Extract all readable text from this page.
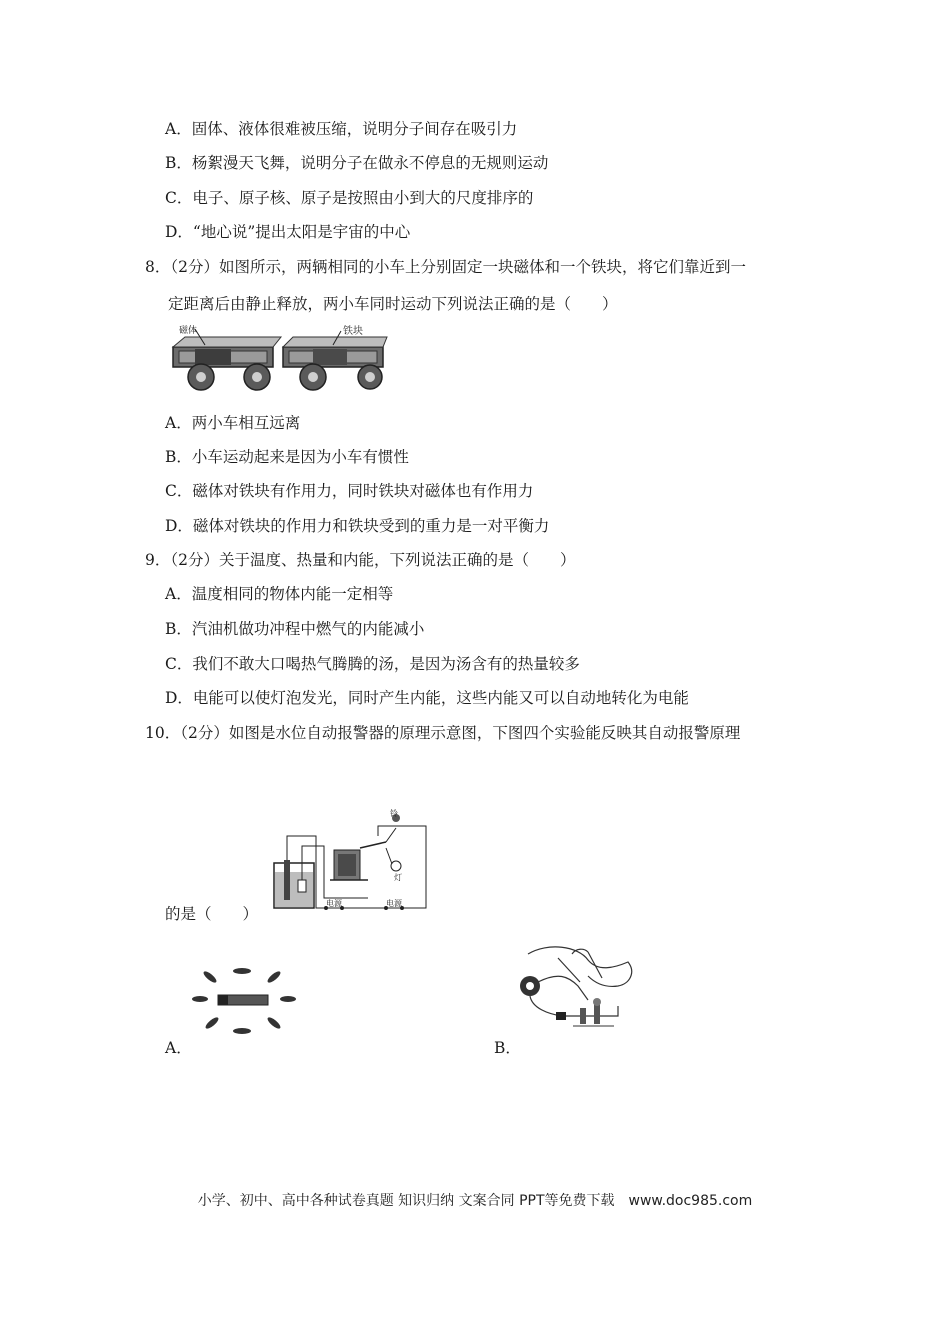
A．固体、液体很难被压缩，说明分子间存在吸引力
B．杨絮漫天飞舞，说明分子在做永不停息的无规则运动
C．电子、原子核、原子是按照由小到大的尺度排序的
D．“地心说”提出太阳是宇宙的中心
8．（2分）如图所示，两辆相同的小车上分别固定一块磁体和一个铁块，将它们靠近到一
定距离后由静止释放，两小车同时运动下列说法正确的是（　　）
磁体	铁块
A．两小车相互远离
B．小车运动起来是因为小车有惯性
C．磁体对铁块有作用力，同时铁块对磁体也有作用力
D．磁体对铁块的作用力和铁块受到的重力是一对平衡力
9．（2分）关于温度、热量和内能，下列说法正确的是（　　）
A．温度相同的物体内能一定相等
B．汽油机做功冲程中燃气的内能减小
C．我们不敢大口喝热气腾腾的汤，是因为汤含有的热量较多
D．电能可以使灯泡发光，同时产生内能，这些内能又可以自动地转化为电能
10．（2分）如图是水位自动报警器的原理示意图，下图四个实验能反映其自动报警原理
铃
灯
电源	电源
的是（　　）
A．	B．
小学、初中、高中各种试卷真题 知识归纳 文案合同 PPT等免费下载　www.doc985.com
